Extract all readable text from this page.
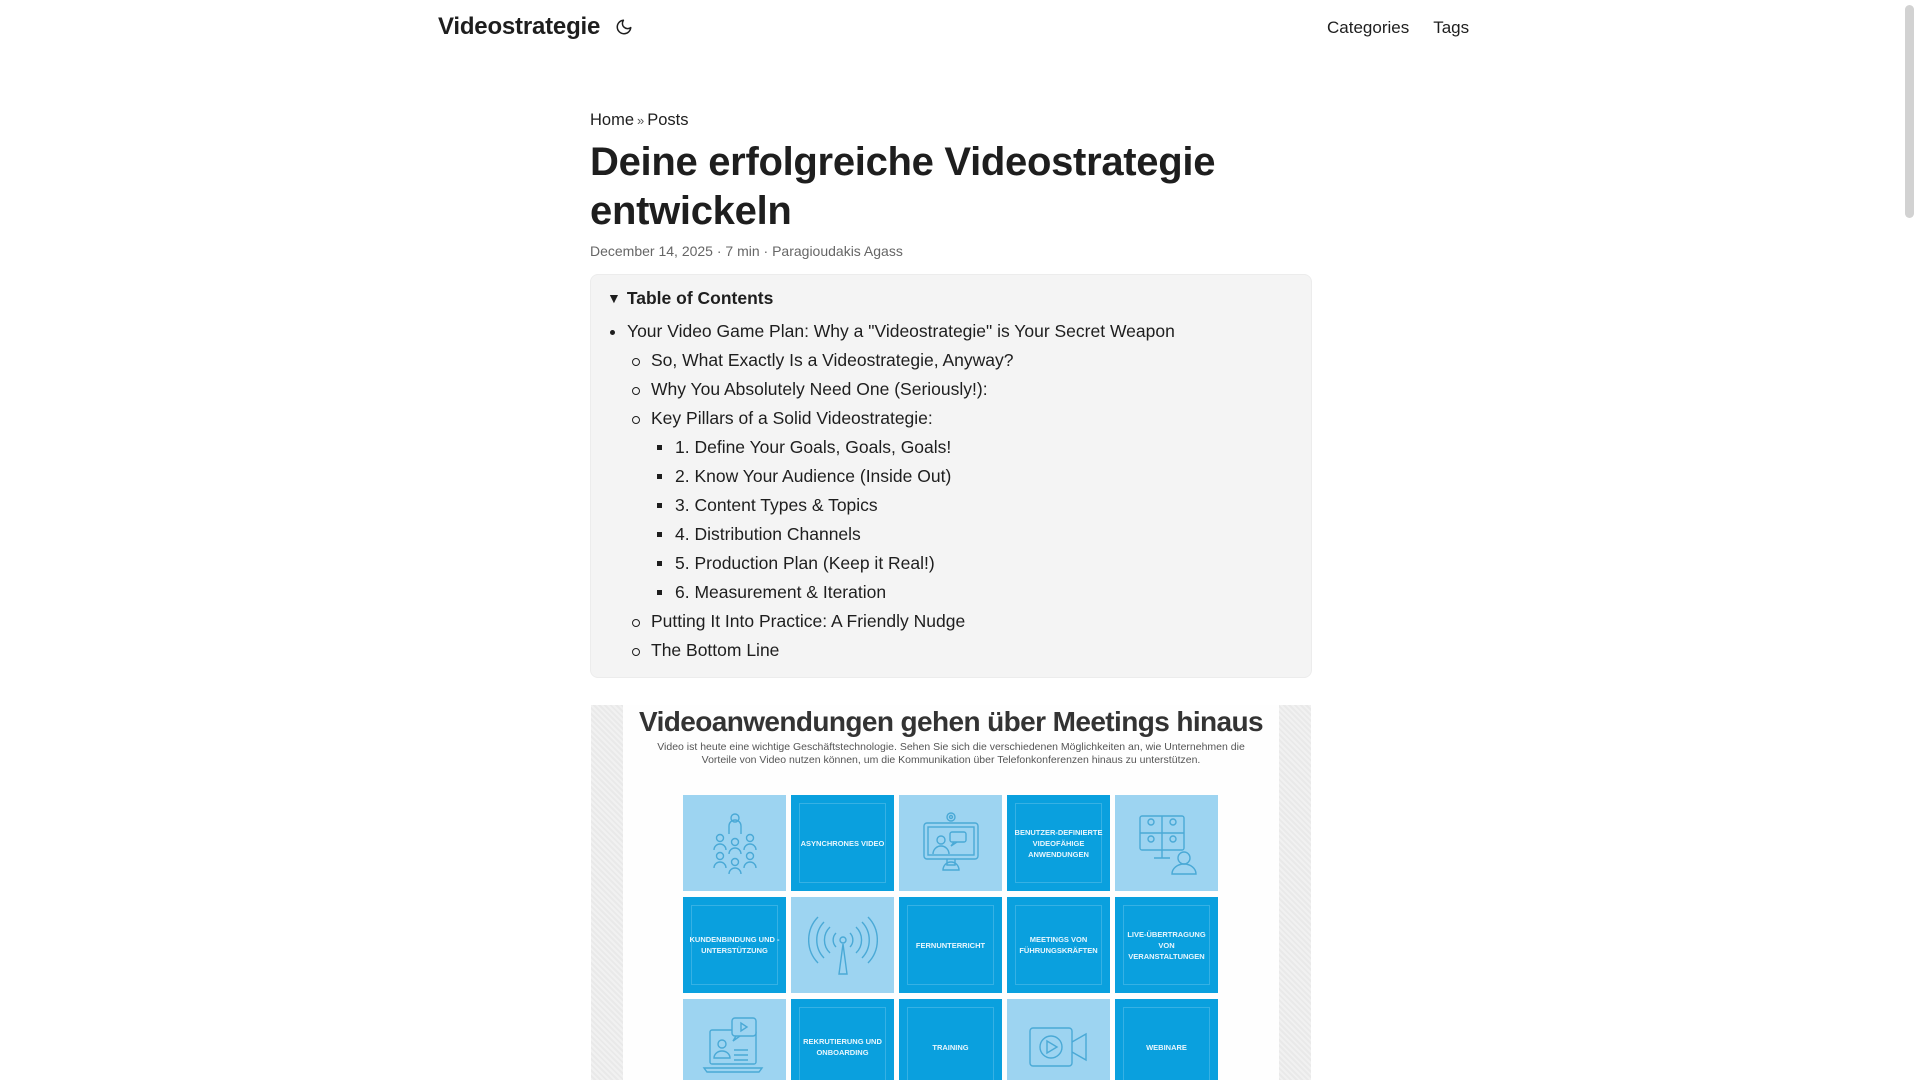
Videostrategie	Categories Tags
Home » Posts
Deine erfolgreiche Videostrategie entwickeln
December 14, 2025 · 7 min · Paragioudakis Agass
▼ Table of Contents
Your Video Game Plan: Why a "Videostrategie" is Your Secret Weapon
So, What Exactly Is a Videostrategie, Anyway?
Why You Absolutely Need One (Seriously!):
Key Pillars of a Solid Videostrategie:
1. Define Your Goals, Goals, Goals!
2. Know Your Audience (Inside Out)
3. Content Types & Topics
4. Distribution Channels
5. Production Plan (Keep it Real!)
6. Measurement & Iteration
Putting It Into Practice: A Friendly Nudge
The Bottom Line
Videoanwendungen gehen über Meetings hinaus
Video ist heute eine wichtige Geschäftstechnologie. Sehen Sie sich die verschiedenen Möglichkeiten an, wie Unternehmen die Vorteile von Video nutzen können, um die Kommunikation über Telefonkonferenzen hinaus zu unterstützen.
ASYNCHRONES VIDEO
BENUTZER-DEFINIERTE VIDEOFÄHIGE ANWENDUNGEN
KUNDENBINDUNG UND -UNTERSTÜTZUNG
FERNUNTERRICHT
MEETINGS VON FÜHRUNGSKRÄFTEN
LIVE-ÜBERTRAGUNG VON VERANSTALTUNGEN
REKRUTIERUNG UND ONBOARDING
TRAINING	WEBINARE
